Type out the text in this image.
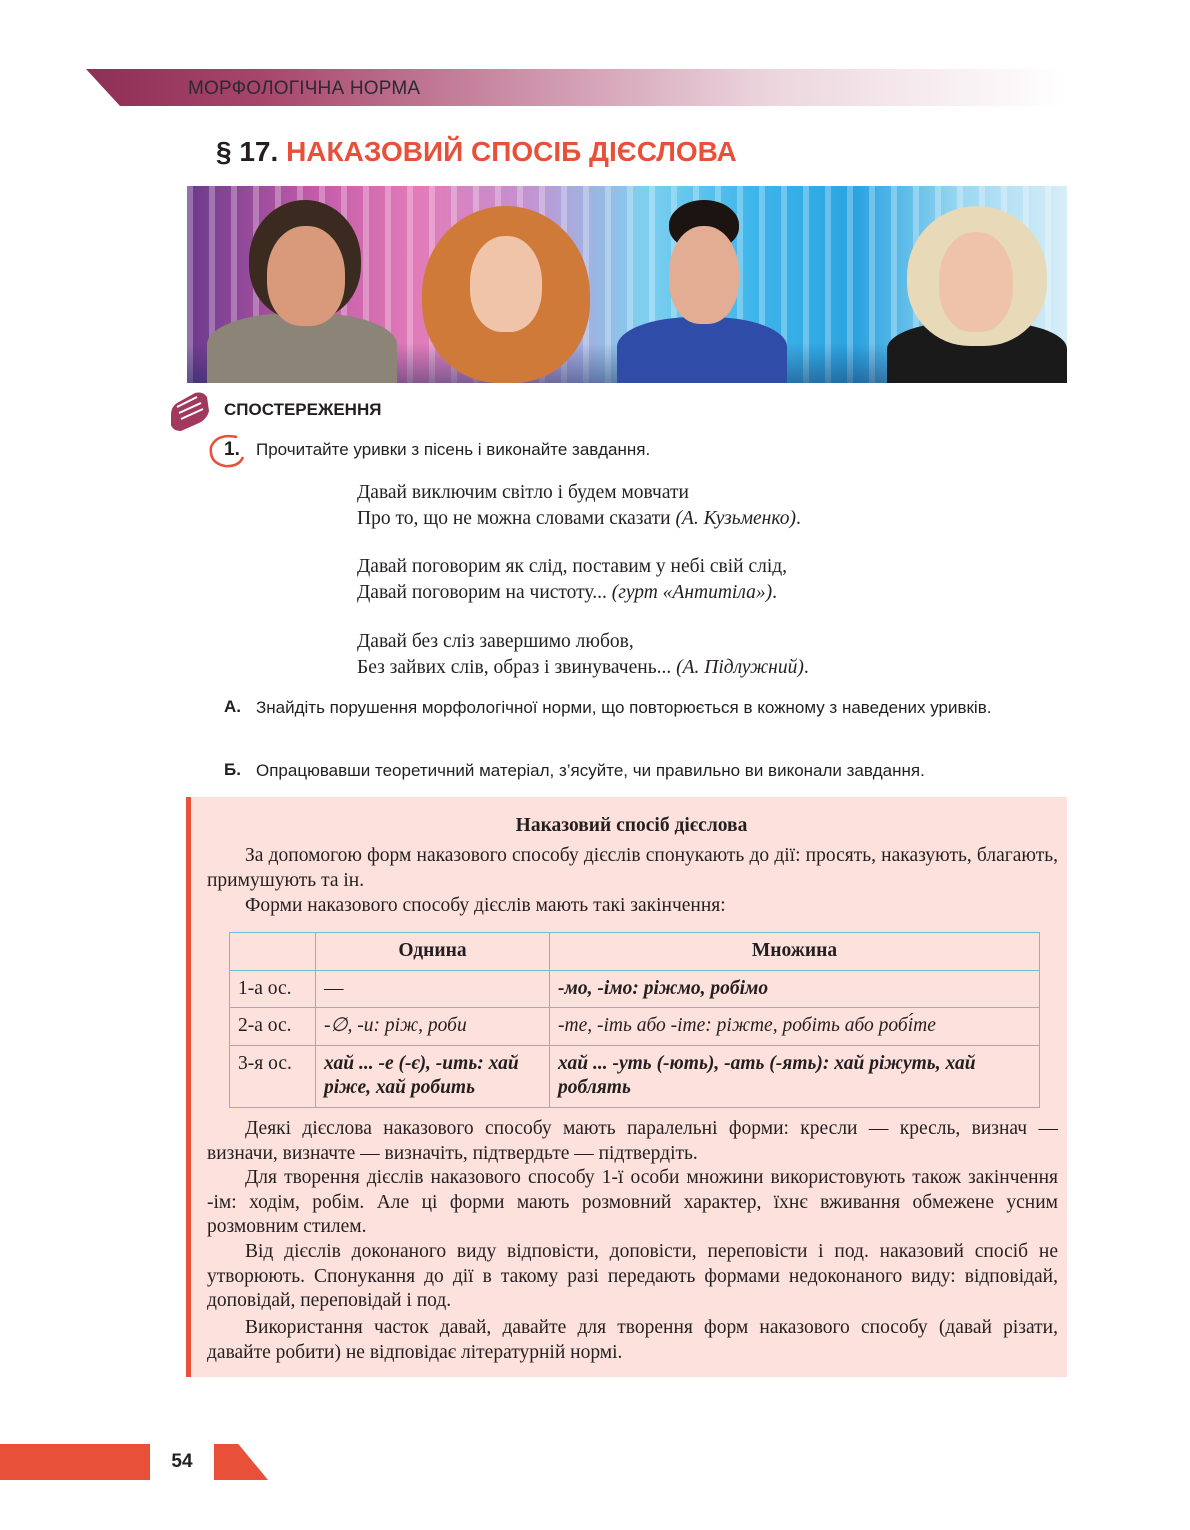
МОРФОЛОГІЧНА НОРМА
§ 17. НАКАЗОВИЙ СПОСІБ ДІЄСЛОВА
СПОСТЕРЕЖЕННЯ
1. Прочитайте уривки з пісень і виконайте завдання.
Давай виключим світло і будем мовчати
Про то, що не можна словами сказати (А. Кузьменко).
Давай поговорим як слід, поставим у небі свій слід,
Давай поговорим на чистоту... (гурт «Антитіла»).
Давай без сліз завершимо любов,
Без зайвих слів, образ і звинувачень... (А. Підлужний).
А. Знайдіть порушення морфологічної норми, що повторюється в кожному з наведених уривків.
Б. Опрацювавши теоретичний матеріал, з’ясуйте, чи правильно ви виконали завдання.
Наказовий спосіб дієслова
За допомогою форм наказового способу дієслів спонукають до дії: просять, наказують, благають, примушують та ін.
Форми наказового способу дієслів мають такі закінчення:
	Однина	Множина
1-а ос.	—	-мо, -імо: ріжмо, робімо
2-а ос.	-∅, -и: ріж, роби	-те, -іть або -іте: ріжте, робіть або робі́те
3-я ос.	хай ... -е (-є), -ить: хай ріже, хай робить	хай ... -уть (-ють), -ать (-ять): хай ріжуть, хай роблять
Деякі дієслова наказового способу мають паралельні форми: кресли — кресль, визнач — визначи, визначте — визначіть, підтвердьте — підтвердіть.
Для творення дієслів наказового способу 1-ї особи множини використовують також закінчення -ім: ходім, робім. Але ці форми мають розмовний характер, їхнє вживання обмежене усним розмовним стилем.
Від дієслів доконаного виду відповісти, доповісти, переповісти і под. наказовий спосіб не утворюють. Спонукання до дії в такому разі передають формами недоконаного виду: відповідай, доповідай, переповідай і под.
Використання часток давай, давайте для творення форм наказового способу (давай різати, давайте робити) не відповідає літературній нормі.
54
